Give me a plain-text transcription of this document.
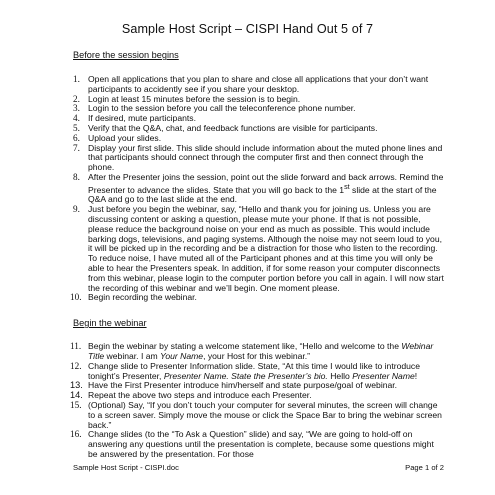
Sample Host Script – CISPI Hand Out 5 of 7
Before the session begins
1. Open all applications that you plan to share and close all applications that your don’t want participants to accidently see if you share your desktop.
2. Login at least 15 minutes before the session is to begin.
3. Login to the session before you call the teleconference phone number.
4. If desired, mute participants.
5. Verify that the Q&A, chat, and feedback functions are visible for participants.
6. Upload your slides.
7. Display your first slide. This slide should include information about the muted phone lines and that participants should connect through the computer first and then connect through the phone.
8. After the Presenter joins the session, point out the slide forward and back arrows. Remind the Presenter to advance the slides. State that you will go back to the 1st slide at the start of the Q&A and go to the last slide at the end.
9. Just before you begin the webinar, say, “Hello and thank you for joining us. Unless you are discussing content or asking a question, please mute your phone. If that is not possible, please reduce the background noise on your end as much as possible. This would include barking dogs, televisions, and paging systems. Although the noise may not seem loud to you, it will be picked up in the recording and be a distraction for those who listen to the recording. To reduce noise, I have muted all of the Participant phones and at this time you will only be able to hear the Presenters speak. In addition, if for some reason your computer disconnects from this webinar, please login to the computer portion before you call in again. I will now start the recording of this webinar and we’ll begin. One moment please.
10. Begin recording the webinar.
Begin the webinar
11. Begin the webinar by stating a welcome statement like, “Hello and welcome to the Webinar Title webinar. I am Your Name, your Host for this webinar.”
12. Change slide to Presenter Information slide. State, “At this time I would like to introduce tonight’s Presenter, Presenter Name. State the Presenter’s bio. Hello Presenter Name!
13. Have the First Presenter introduce him/herself and state purpose/goal of webinar.
14. Repeat the above two steps and introduce each Presenter.
15. (Optional) Say, “If you don’t touch your computer for several minutes, the screen will change to a screen saver. Simply move the mouse or click the Space Bar to bring the webinar screen back.”
16. Change slides (to the “To Ask a Question” slide) and say, “We are going to hold-off on answering any questions until the presentation is complete, because some questions might be answered by the presentation. For those
Sample Host Script - CISPI.doc	Page 1 of 2
